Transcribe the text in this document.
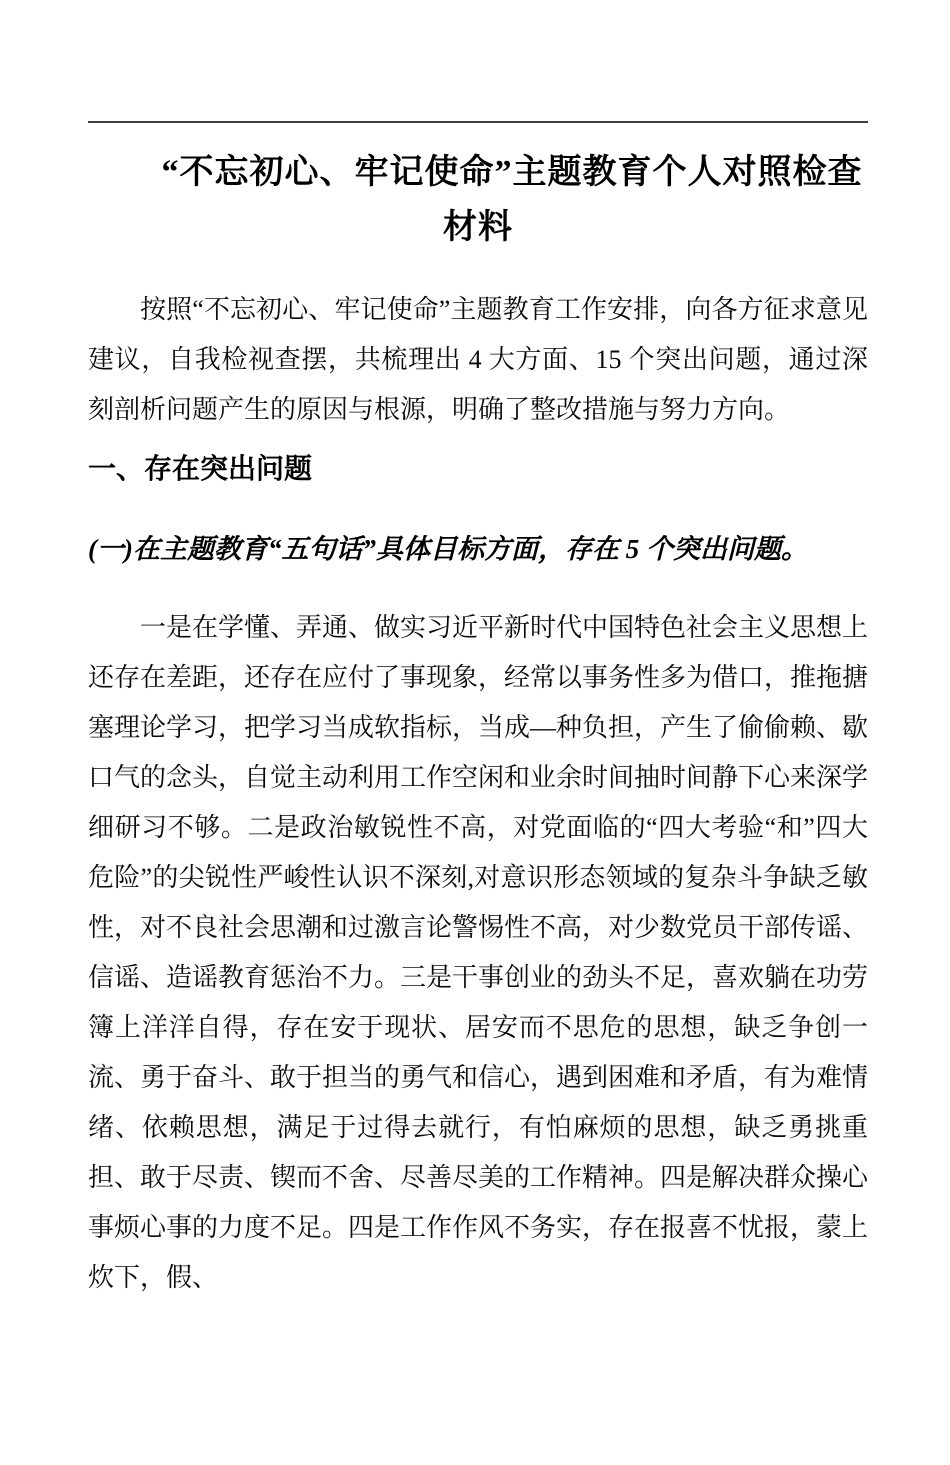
“不忘初心、牢记使命”主题教育个人对照检查材料

按照“不忘初心、牢记使命”主题教育工作安排，向各方征求意见建议，自我检视查摆，共梳理出 4 大方面、15 个突出问题，通过深刻剖析问题产生的原因与根源，明确了整改措施与努力方向。

一、存在突出问题
(一)在主题教育“五句话”具体目标方面，存在 5 个突出问题。

一是在学懂、弄通、做实习近平新时代中国特色社会主义思想上还存在差距，还存在应付了事现象，经常以事务性多为借口，推拖搪塞理论学习，把学习当成软指标，当成—种负担，产生了偷偷赖、歇口气的念头，自觉主动利用工作空闲和业余时间抽时间静下心来深学细研习不够。二是政治敏锐性不高，对党面临的“四大考验“和”四大危险”的尖锐性严峻性认识不深刻,对意识形态领域的复杂斗争缺乏敏性，对不良社会思潮和过激言论警惕性不高，对少数党员干部传谣、信谣、造谣教育惩治不力。三是干事创业的劲头不足，喜欢躺在功劳簿上洋洋自得，存在安于现状、居安而不思危的思想，缺乏争创一流、勇于奋斗、敢于担当的勇气和信心，遇到困难和矛盾，有为难情绪、依赖思想，满足于过得去就行，有怕麻烦的思想，缺乏勇挑重担、敢于尽责、锲而不舍、尽善尽美的工作精神。四是解决群众操心事烦心事的力度不足。四是工作作风不务实，存在报喜不忧报，蒙上炊下，假、
